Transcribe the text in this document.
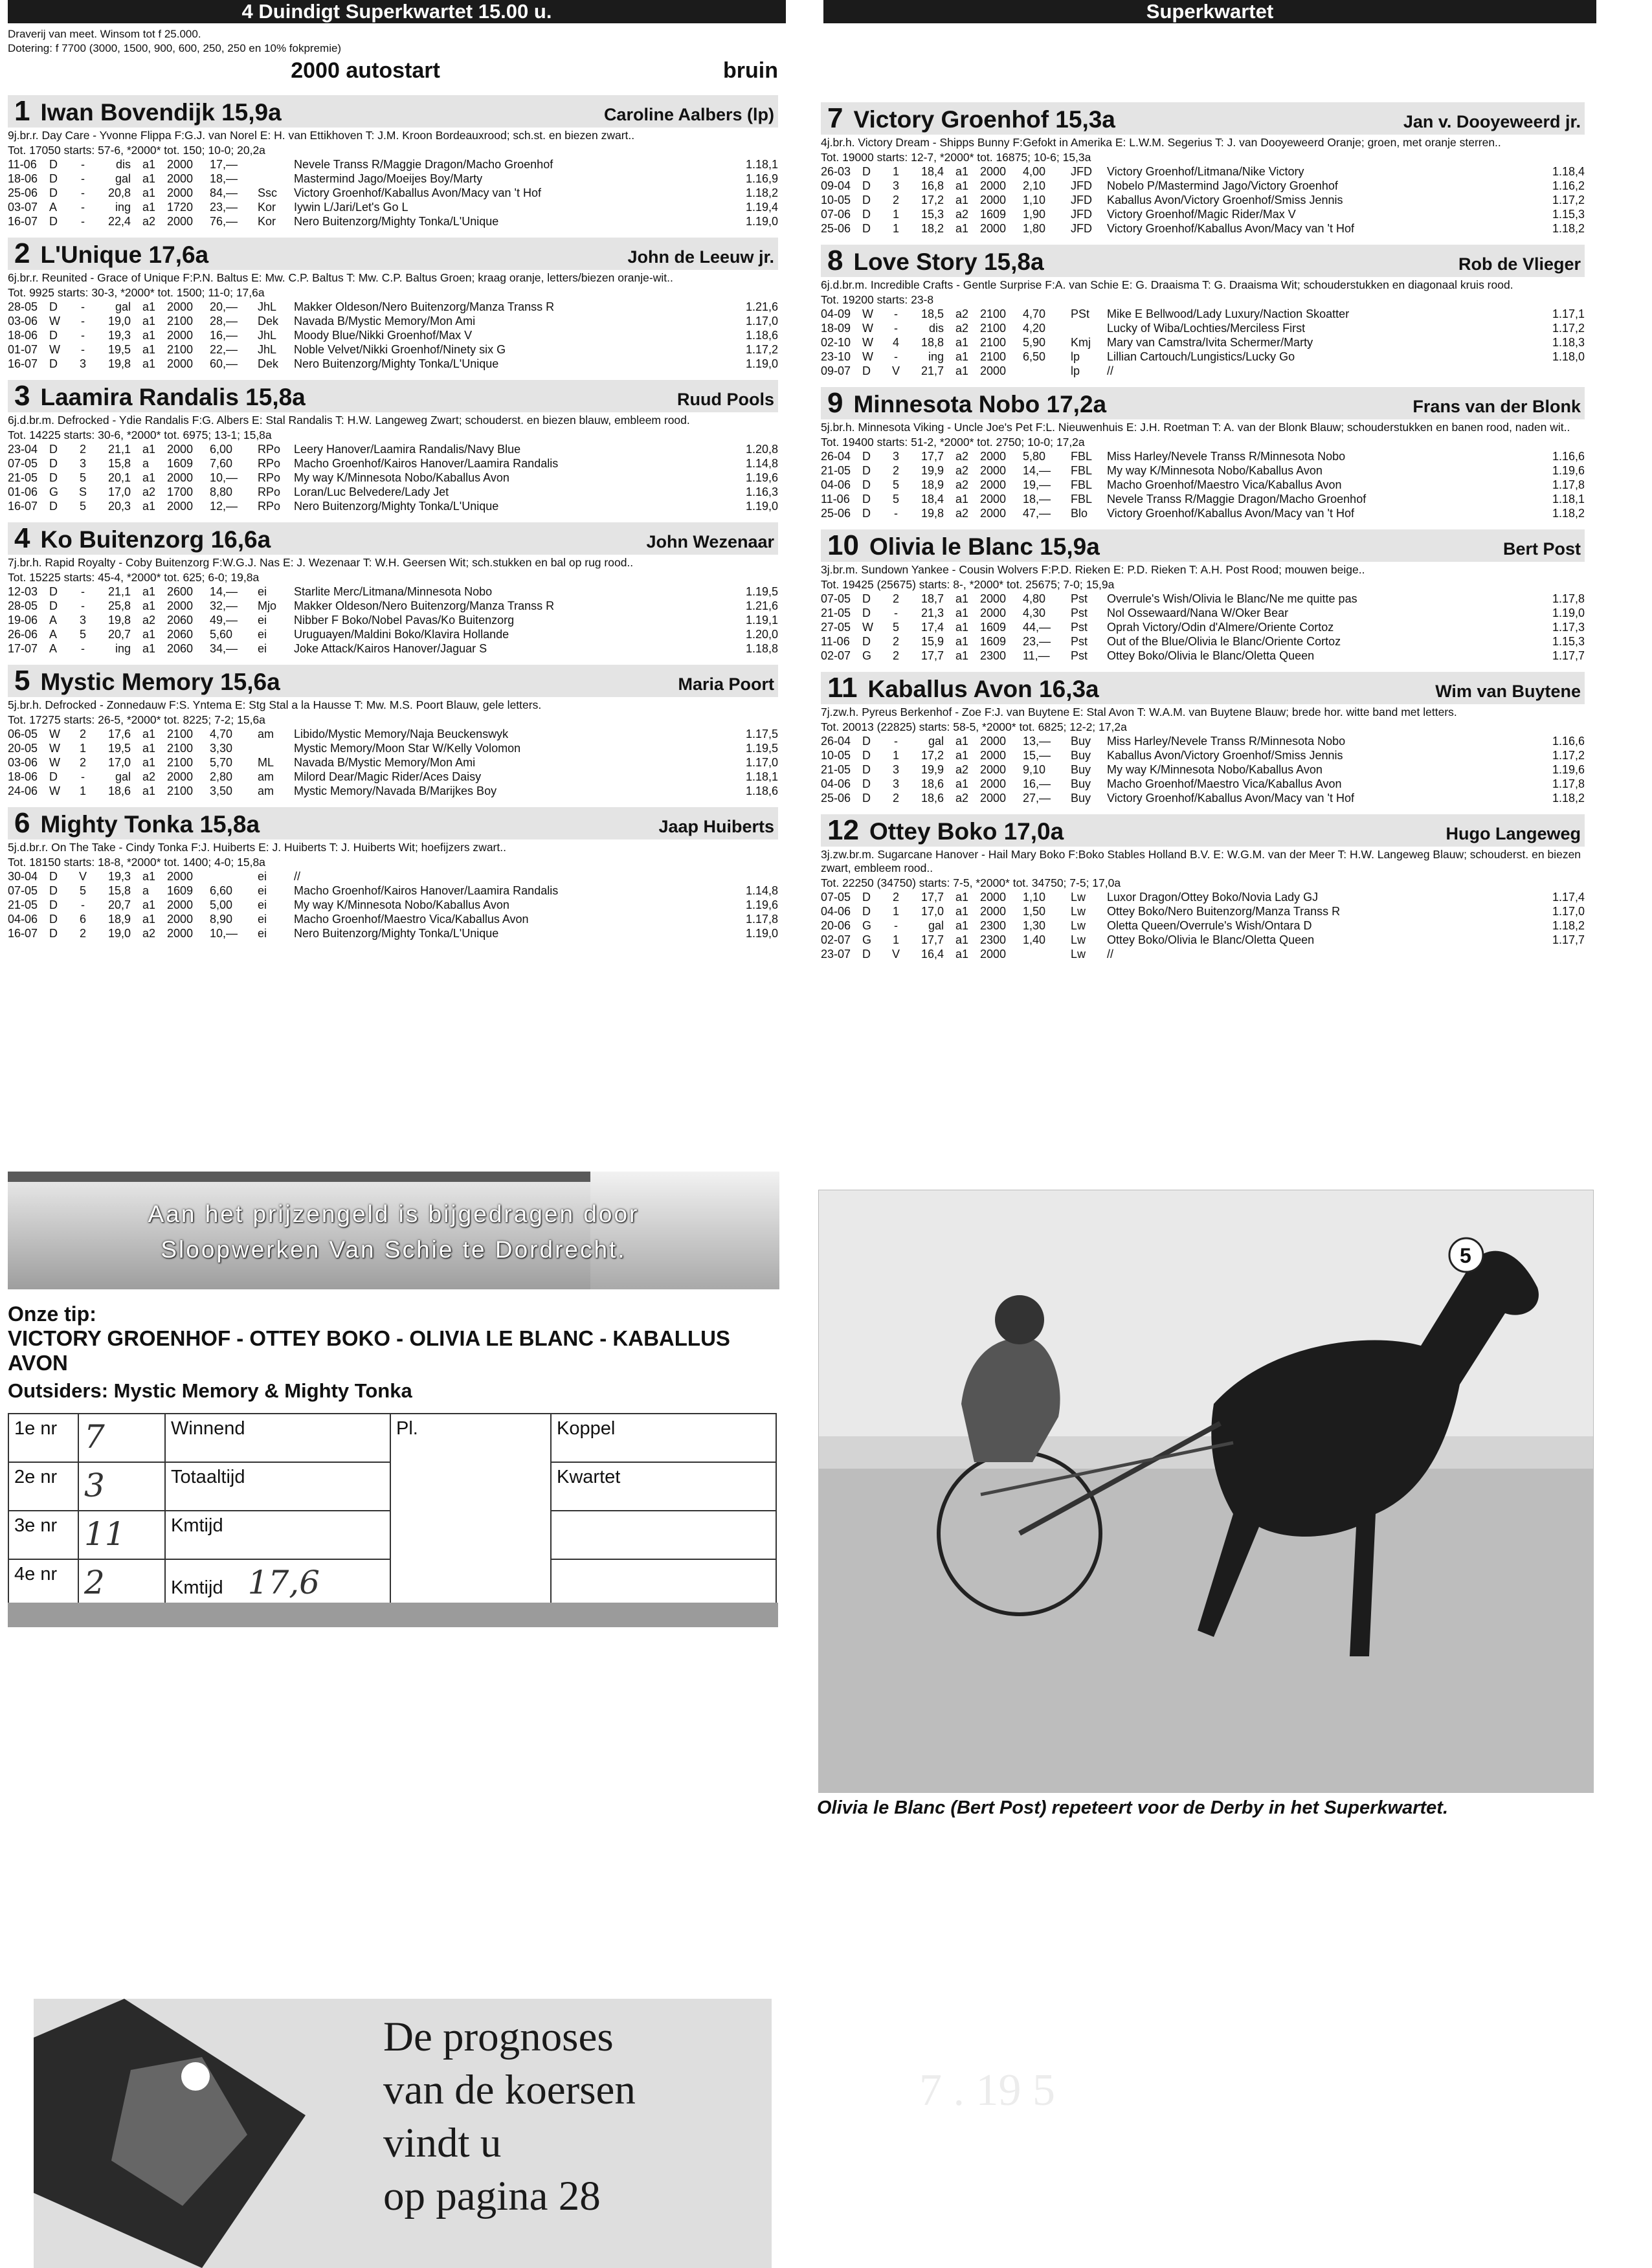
4 Duindigt Superkwartet 15.00 u.	Superkwartet
Draverij van meet. Winsom tot f 25.000.
Dotering: f 7700 (3000, 1500, 900, 600, 250, 250 en 10% fokpremie)
2000 autostart	bruin
1 Iwan Bovendijk 15,9a	Caroline Aalbers (lp)
9j.br.r. Day Care - Yvonne Flippa F:G.J. van Norel E: H. van Ettikhoven T: J.M. Kroon Bordeauxrood; sch.st. en biezen zwart..
Tot. 17050 starts: 57-6, *2000* tot. 150; 10-0; 20,2a
11-06	D	-	dis	a1	2000	17,—		Nevele Transs R/Maggie Dragon/Macho Groenhof	1.18,1
18-06	D	-	gal	a1	2000	18,—		Mastermind Jago/Moeijes Boy/Marty	1.16,9
25-06	D	-	20,8	a1	2000	84,—	Ssc	Victory Groenhof/Kaballus Avon/Macy van 't Hof	1.18,2
03-07	A	-	ing	a1	1720	23,—	Kor	Iywin L/Jari/Let's Go L	1.19,4
16-07	D	-	22,4	a2	2000	76,—	Kor	Nero Buitenzorg/Mighty Tonka/L'Unique	1.19,0
2 L'Unique 17,6a	John de Leeuw jr.
6j.br.r. Reunited - Grace of Unique F:P.N. Baltus E: Mw. C.P. Baltus T: Mw. C.P. Baltus Groen; kraag oranje, letters/biezen oranje-wit..
Tot. 9925 starts: 30-3, *2000* tot. 1500; 11-0; 17,6a
28-05	D	-	gal	a1	2000	20,—	JhL	Makker Oldeson/Nero Buitenzorg/Manza Transs R	1.21,6
03-06	W	-	19,0	a1	2100	28,—	Dek	Navada B/Mystic Memory/Mon Ami	1.17,0
18-06	D	-	19,3	a1	2000	16,—	JhL	Moody Blue/Nikki Groenhof/Max V	1.18,6
01-07	W	-	19,5	a1	2100	22,—	JhL	Noble Velvet/Nikki Groenhof/Ninety six G	1.17,2
16-07	D	3	19,8	a1	2000	60,—	Dek	Nero Buitenzorg/Mighty Tonka/L'Unique	1.19,0
3 Laamira Randalis 15,8a	Ruud Pools
6j.d.br.m. Defrocked - Ydie Randalis F:G. Albers E: Stal Randalis T: H.W. Langeweg Zwart; schouderst. en biezen blauw, embleem rood.
Tot. 14225 starts: 30-6, *2000* tot. 6975; 13-1; 15,8a
23-04	D	2	21,1	a1	2000	6,00	RPo	Leery Hanover/Laamira Randalis/Navy Blue	1.20,8
07-05	D	3	15,8	a	1609	7,60	RPo	Macho Groenhof/Kairos Hanover/Laamira Randalis	1.14,8
21-05	D	5	20,1	a1	2000	10,—	RPo	My way K/Minnesota Nobo/Kaballus Avon	1.19,6
01-06	G	S	17,0	a2	1700	8,80	RPo	Loran/Luc Belvedere/Lady Jet	1.16,3
16-07	D	5	20,3	a1	2000	12,—	RPo	Nero Buitenzorg/Mighty Tonka/L'Unique	1.19,0
4 Ko Buitenzorg 16,6a	John Wezenaar
7j.br.h. Rapid Royalty - Coby Buitenzorg F:W.G.J. Nas E: J. Wezenaar T: W.H. Geersen Wit; sch.stukken en bal op rug rood..
Tot. 15225 starts: 45-4, *2000* tot. 625; 6-0; 19,8a
12-03	D	-	21,1	a1	2600	14,—	ei	Starlite Merc/Litmana/Minnesota Nobo	1.19,5
28-05	D	-	25,8	a1	2000	32,—	Mjo	Makker Oldeson/Nero Buitenzorg/Manza Transs R	1.21,6
19-06	A	3	19,8	a2	2060	49,—	ei	Nibber F Boko/Nobel Pavas/Ko Buitenzorg	1.19,1
26-06	A	5	20,7	a1	2060	5,60	ei	Uruguayen/Maldini Boko/Klavira Hollande	1.20,0
17-07	A	-	ing	a1	2060	34,—	ei	Joke Attack/Kairos Hanover/Jaguar S	1.18,8
5 Mystic Memory 15,6a	Maria Poort
5j.br.h. Defrocked - Zonnedauw F:S. Yntema E: Stg Stal a la Hausse T: Mw. M.S. Poort Blauw, gele letters.
Tot. 17275 starts: 26-5, *2000* tot. 8225; 7-2; 15,6a
06-05	W	2	17,6	a1	2100	4,70	am	Libido/Mystic Memory/Naja Beuckenswyk	1.17,5
20-05	W	1	19,5	a1	2100	3,30		Mystic Memory/Moon Star W/Kelly Volomon	1.19,5
03-06	W	2	17,0	a1	2100	5,70	ML	Navada B/Mystic Memory/Mon Ami	1.17,0
18-06	D	-	gal	a2	2000	2,80	am	Milord Dear/Magic Rider/Aces Daisy	1.18,1
24-06	W	1	18,6	a1	2100	3,50	am	Mystic Memory/Navada B/Marijkes Boy	1.18,6
6 Mighty Tonka 15,8a	Jaap Huiberts
5j.d.br.r. On The Take - Cindy Tonka F:J. Huiberts E: J. Huiberts T: J. Huiberts Wit; hoefijzers zwart..
Tot. 18150 starts: 18-8, *2000* tot. 1400; 4-0; 15,8a
30-04	D	V	19,3	a1	2000		ei	//	
07-05	D	5	15,8	a	1609	6,60	ei	Macho Groenhof/Kairos Hanover/Laamira Randalis	1.14,8
21-05	D	-	20,7	a1	2000	5,00	ei	My way K/Minnesota Nobo/Kaballus Avon	1.19,6
04-06	D	6	18,9	a1	2000	8,90	ei	Macho Groenhof/Maestro Vica/Kaballus Avon	1.17,8
16-07	D	2	19,0	a2	2000	10,—	ei	Nero Buitenzorg/Mighty Tonka/L'Unique	1.19,0
7 Victory Groenhof 15,3a	Jan v. Dooyeweerd jr.
4j.br.h. Victory Dream - Shipps Bunny F:Gefokt in Amerika E: L.W.M. Segerius T: J. van Dooyeweerd Oranje; groen, met oranje sterren..
Tot. 19000 starts: 12-7, *2000* tot. 16875; 10-6; 15,3a
26-03	D	1	18,4	a1	2000	4,00	JFD	Victory Groenhof/Litmana/Nike Victory	1.18,4
09-04	D	3	16,8	a1	2000	2,10	JFD	Nobelo P/Mastermind Jago/Victory Groenhof	1.16,2
10-05	D	2	17,2	a1	2000	1,10	JFD	Kaballus Avon/Victory Groenhof/Smiss Jennis	1.17,2
07-06	D	1	15,3	a2	1609	1,90	JFD	Victory Groenhof/Magic Rider/Max V	1.15,3
25-06	D	1	18,2	a1	2000	1,80	JFD	Victory Groenhof/Kaballus Avon/Macy van 't Hof	1.18,2
8 Love Story 15,8a	Rob de Vlieger
6j.d.br.m. Incredible Crafts - Gentle Surprise F:A. van Schie E: G. Draaisma T: G. Draaisma Wit; schouderstukken en diagonaal kruis rood.
Tot. 19200 starts: 23-8
04-09	W	-	18,5	a2	2100	4,70	PSt	Mike E Bellwood/Lady Luxury/Naction Skoatter	1.17,1
18-09	W	-	dis	a2	2100	4,20		Lucky of Wiba/Lochties/Merciless First	1.17,2
02-10	W	4	18,8	a1	2100	5,90	Kmj	Mary van Camstra/Ivita Schermer/Marty	1.18,3
23-10	W	-	ing	a1	2100	6,50	lp	Lillian Cartouch/Lungistics/Lucky Go	1.18,0
09-07	D	V	21,7	a1	2000		lp	//	
9 Minnesota Nobo 17,2a	Frans van der Blonk
5j.br.h. Minnesota Viking - Uncle Joe's Pet F:L. Nieuwenhuis E: J.H. Roetman T: A. van der Blonk Blauw; schouderstukken en banen rood, naden wit..
Tot. 19400 starts: 51-2, *2000* tot. 2750; 10-0; 17,2a
26-04	D	3	17,7	a2	2000	5,80	FBL	Miss Harley/Nevele Transs R/Minnesota Nobo	1.16,6
21-05	D	2	19,9	a2	2000	14,—	FBL	My way K/Minnesota Nobo/Kaballus Avon	1.19,6
04-06	D	5	18,9	a2	2000	19,—	FBL	Macho Groenhof/Maestro Vica/Kaballus Avon	1.17,8
11-06	D	5	18,4	a1	2000	18,—	FBL	Nevele Transs R/Maggie Dragon/Macho Groenhof	1.18,1
25-06	D	-	19,8	a2	2000	47,—	Blo	Victory Groenhof/Kaballus Avon/Macy van 't Hof	1.18,2
10 Olivia le Blanc 15,9a	Bert Post
3j.br.m. Sundown Yankee - Cousin Wolvers F:P.D. Rieken E: P.D. Rieken T: A.H. Post Rood; mouwen beige..
Tot. 19425 (25675) starts: 8-, *2000* tot. 25675; 7-0; 15,9a
07-05	D	2	18,7	a1	2000	4,80	Pst	Overrule's Wish/Olivia le Blanc/Ne me quitte pas	1.17,8
21-05	D	-	21,3	a1	2000	4,30	Pst	Nol Ossewaard/Nana W/Oker Bear	1.19,0
27-05	W	5	17,4	a1	1609	44,—	Pst	Oprah Victory/Odin d'Almere/Oriente Cortoz	1.17,3
11-06	D	2	15,9	a1	1609	23,—	Pst	Out of the Blue/Olivia le Blanc/Oriente Cortoz	1.15,3
02-07	G	2	17,7	a1	2300	11,—	Pst	Ottey Boko/Olivia le Blanc/Oletta Queen	1.17,7
11 Kaballus Avon 16,3a	Wim van Buytene
7j.zw.h. Pyreus Berkenhof - Zoe F:J. van Buytene E: Stal Avon T: W.A.M. van Buytene Blauw; brede hor. witte band met letters.
Tot. 20013 (22825) starts: 58-5, *2000* tot. 6825; 12-2; 17,2a
26-04	D	-	gal	a1	2000	13,—	Buy	Miss Harley/Nevele Transs R/Minnesota Nobo	1.16,6
10-05	D	1	17,2	a1	2000	15,—	Buy	Kaballus Avon/Victory Groenhof/Smiss Jennis	1.17,2
21-05	D	3	19,9	a2	2000	9,10	Buy	My way K/Minnesota Nobo/Kaballus Avon	1.19,6
04-06	D	3	18,6	a1	2000	16,—	Buy	Macho Groenhof/Maestro Vica/Kaballus Avon	1.17,8
25-06	D	2	18,6	a2	2000	27,—	Buy	Victory Groenhof/Kaballus Avon/Macy van 't Hof	1.18,2
12 Ottey Boko 17,0a	Hugo Langeweg
3j.zw.br.m. Sugarcane Hanover - Hail Mary Boko F:Boko Stables Holland B.V. E: W.G.M. van der Meer T: H.W. Langeweg Blauw; schouderst. en biezen zwart, embleem rood..
Tot. 22250 (34750) starts: 7-5, *2000* tot. 34750; 7-5; 17,0a
07-05	D	2	17,7	a1	2000	1,10	Lw	Luxor Dragon/Ottey Boko/Novia Lady GJ	1.17,4
04-06	D	1	17,0	a1	2000	1,50	Lw	Ottey Boko/Nero Buitenzorg/Manza Transs R	1.17,0
20-06	G	-	gal	a1	2300	1,30	Lw	Oletta Queen/Overrule's Wish/Ontara D	1.18,2
02-07	G	1	17,7	a1	2300	1,40	Lw	Ottey Boko/Olivia le Blanc/Oletta Queen	1.17,7
23-07	D	V	16,4	a1	2000		Lw	//	
Aan het prijzengeld is bijgedragen door
Sloopwerken Van Schie te Dordrecht.
Onze tip:
VICTORY GROENHOF - OTTEY BOKO - OLIVIA LE BLANC - KABALLUS AVON
Outsiders: Mystic Memory & Mighty Tonka
1e nr	7	Winnend	Pl.	Koppel
2e nr	3	Totaaltijd		Kwartet
3e nr	11	Kmtijd		
4e nr	2	Kmtijd 17,6		
5
Olivia le Blanc (Bert Post) repeteert voor de Derby in het Superkwartet.
De prognoses
van de koersen
vindt u
op pagina 28
7 . 19 5
